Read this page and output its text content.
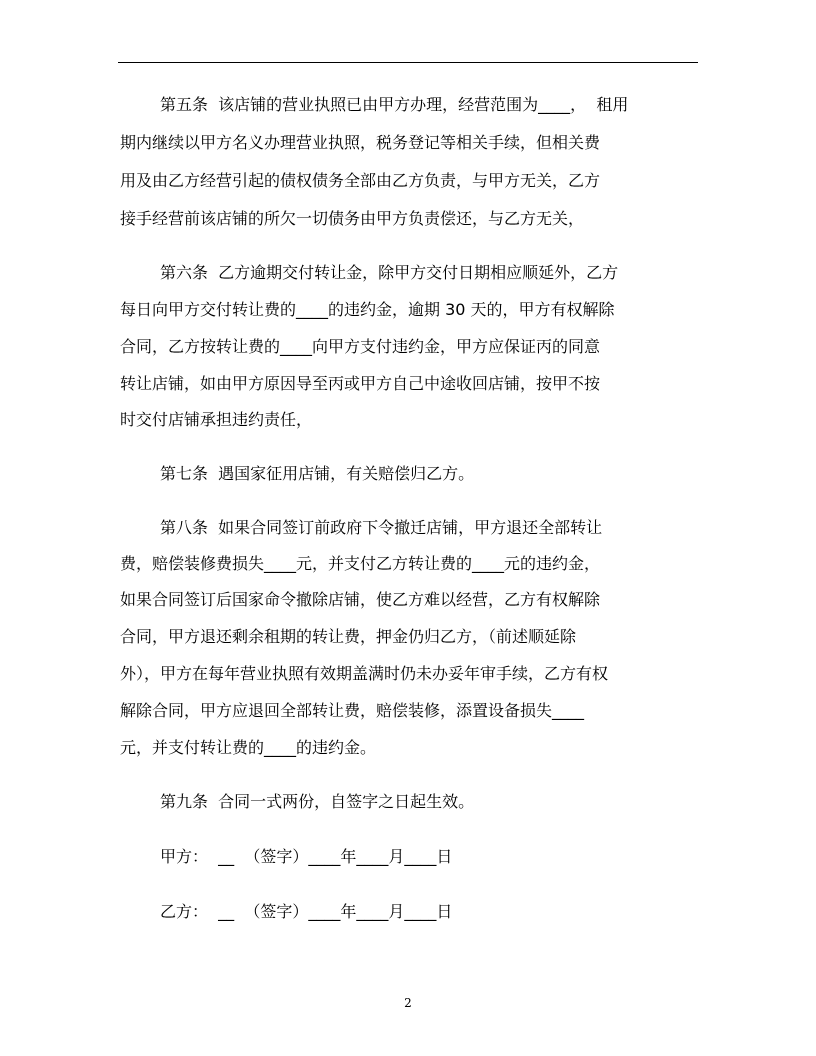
第五条  该店铺的营业执照已由甲方办理，经营范围为____，  租用
期内继续以甲方名义办理营业执照，税务登记等相关手续，但相关费
用及由乙方经营引起的债权债务全部由乙方负责，与甲方无关，乙方
接手经营前该店铺的所欠一切债务由甲方负责偿还，与乙方无关，
第六条  乙方逾期交付转让金，除甲方交付日期相应顺延外，乙方
每日向甲方交付转让费的____的违约金，逾期 30 天的，甲方有权解除
合同，乙方按转让费的____向甲方支付违约金，甲方应保证丙的同意
转让店铺，如由甲方原因导至丙或甲方自己中途收回店铺，按甲不按
时交付店铺承担违约责任，
第七条  遇国家征用店铺，有关赔偿归乙方。
第八条  如果合同签订前政府下令撤迁店铺，甲方退还全部转让
费，赔偿装修费损失____元，并支付乙方转让费的____元的违约金，
如果合同签订后国家命令撤除店铺，使乙方难以经营，乙方有权解除
合同，甲方退还剩余租期的转让费，押金仍归乙方，（前述顺延除
外），甲方在每年营业执照有效期盖满时仍未办妥年审手续，乙方有权
解除合同，甲方应退回全部转让费，赔偿装修，添置设备损失____
元，并支付转让费的____的违约金。
第九条  合同一式两份，自签字之日起生效。
甲方：  __  （签字）____年____月____日
乙方：  __  （签字）____年____月____日
2
